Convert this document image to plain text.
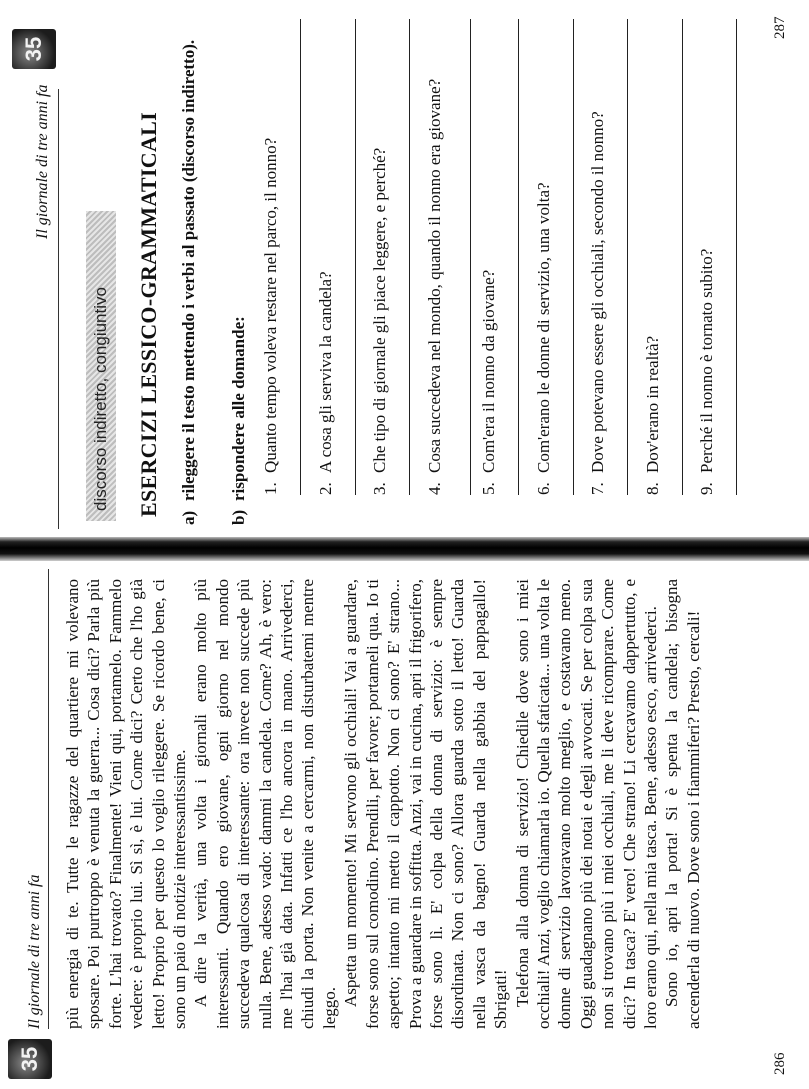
35
Il giornale di tre anni fa più energia di te. Tutte le ragazze del quartiere mi volevano sposare. Poi purtroppo è venuta la guerra... Cosa dici? Parla più forte. L'hai trovato? Finalmente! Vieni qui, portamelo. Fammelo vedere: è proprio lui. Sì sì, è lui. Come dici? Certo che l'ho già letto! Proprio per questo lo voglio rileggere. Se ricordo bene, ci sono un paio di notizie interessantissime. A dire la verità, una volta i giornali erano molto più interessanti. Quando ero giovane, ogni giorno nel mondo succedeva qualcosa di interessante: ora invece non succede più nulla. Bene, adesso vado: dammi la candela. Come? Ah, è vero: me l'hai già data. Infatti ce l'ho ancora in mano. Arrivederci, chiudi la porta. Non venite a cercarmi, non disturbatemi mentre leggo.

Aspetta un momento! Mi servono gli occhiali! Vai a guardare, forse sono sul comodino. Prendili, per favore; portameli qua. Io ti aspetto; intanto mi metto il cappotto. Non ci sono? E' strano... Prova a guardare in soffitta. Anzi, vai in cucina, apri il frigorifero, forse sono lì. E' colpa della donna di servizio: è sempre disordinata. Non ci sono? Allora guarda sotto il letto! Guarda nella vasca da bagno! Guarda nella gabbia del pappagallo! Sbrigati! Telefona alla donna di servizio! Chiedile dove sono i miei occhiali! Anzi, voglio chiamarla io. Quella sfaticata... una volta le donne di servizio lavoravano molto meglio, e costavano meno. Oggi guadagnano più dei notai e degli avvocati. Se per colpa sua non si trovano più i miei occhiali, me li deve ricomprare. Come dici? In tasca? E' vero! Che strano! Li cercavamo dappertutto, e loro erano qui, nella mia tasca. Bene, adesso esco, arrivederci. Sono io, apri la porta! Si è spenta la candela; bisogna accenderla di nuovo. Dove sono i fiammiferi? Presto, cercali!

286
Il giornale di tre anni fa
35
discorso indiretto, congiuntivo ESERCIZI LESSICO-GRAMMATICALI
a)rileggere il testo mettendo i verbi al passato (discorso indiretto).
b)rispondere alle domande: 1.Quanto tempo voleva restare nel parco, il nonno?
2.A cosa gli serviva la candela?
3.Che tipo di giornale gli piace leggere, e perché?
4.Cosa succedeva nel mondo, quando il nonno era giovane?
5.Com'era il nonno da giovane?
6.Com'erano le donne di servizio, una volta?
7.Dove potevano essere gli occhiali, secondo il nonno?
8.Dov'erano in realtà?
9.Perché il nonno è tornato subito?
287
